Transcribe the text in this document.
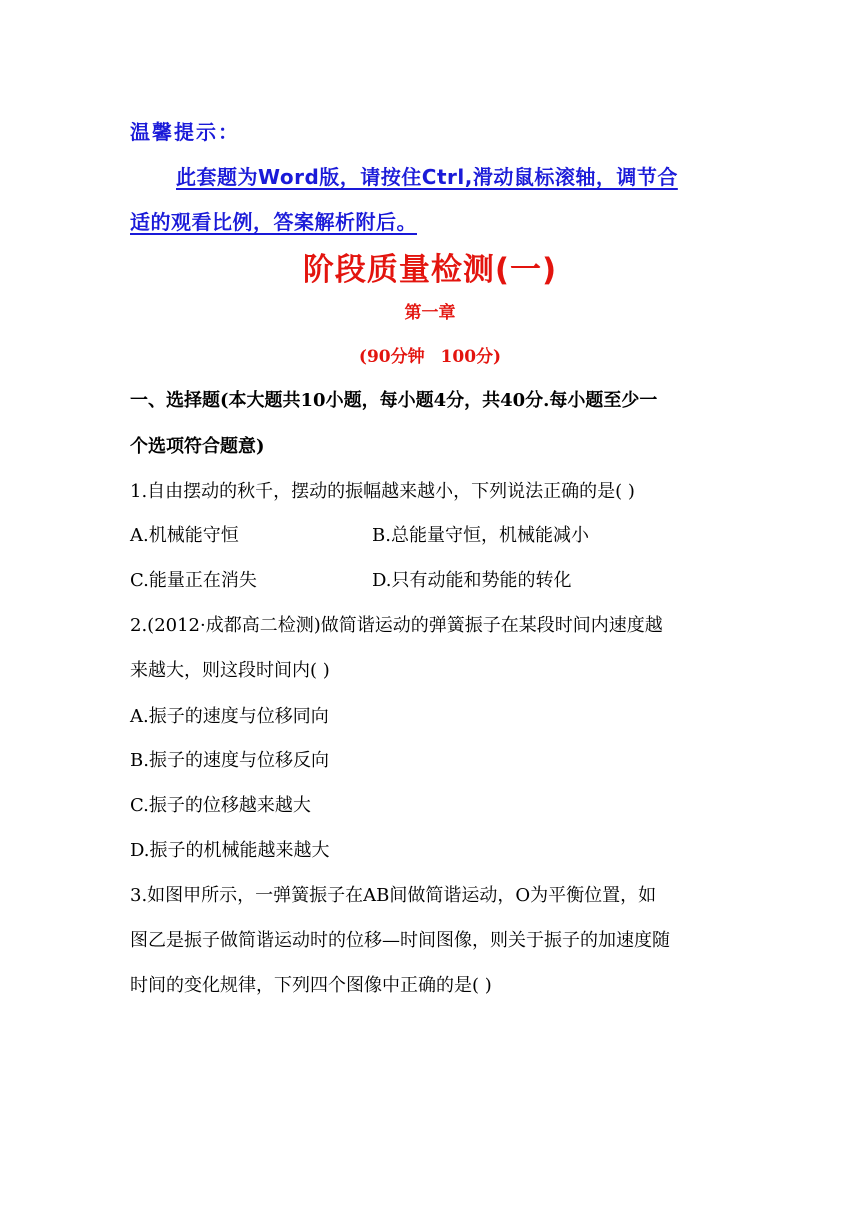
温馨提示：
此套题为Word版，请按住Ctrl,滑动鼠标滚轴，调节合
适的观看比例，答案解析附后。
阶段质量检测(一)
第一章
(90分钟 100分)
一、选择题(本大题共10小题，每小题4分，共40分.每小题至少一
个选项符合题意)
1.自由摆动的秋千，摆动的振幅越来越小，下列说法正确的是( )
A.机械能守恒	B.总能量守恒，机械能减小
C.能量正在消失	D.只有动能和势能的转化
2.(2012·成都高二检测)做简谐运动的弹簧振子在某段时间内速度越
来越大，则这段时间内( )
A.振子的速度与位移同向
B.振子的速度与位移反向
C.振子的位移越来越大
D.振子的机械能越来越大
3.如图甲所示，一弹簧振子在AB间做简谐运动，O为平衡位置，如
图乙是振子做简谐运动时的位移—时间图像，则关于振子的加速度随
时间的变化规律，下列四个图像中正确的是( )
